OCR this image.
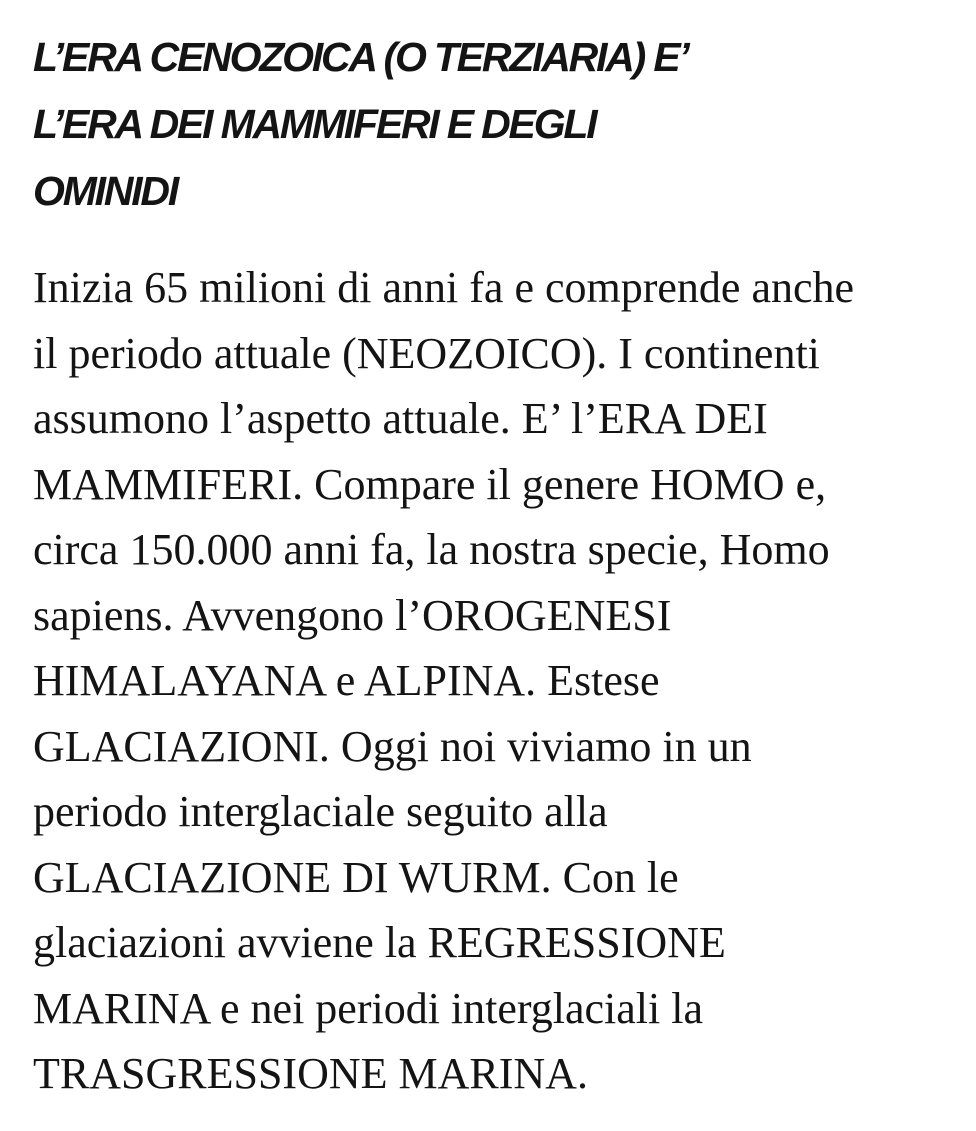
L’ERA CENOZOICA (O TERZIARIA) E’
L’ERA DEI MAMMIFERI E DEGLI
OMINIDI

Inizia 65 milioni di anni fa e comprende anche
il periodo attuale (NEOZOICO). I continenti
assumono l’aspetto attuale. E’ l’ERA DEI
MAMMIFERI. Compare il genere HOMO e,
circa 150.000 anni fa, la nostra specie, Homo
sapiens. Avvengono l’OROGENESI
HIMALAYANA e ALPINA. Estese
GLACIAZIONI. Oggi noi viviamo in un
periodo interglaciale seguito alla
GLACIAZIONE DI WURM. Con le
glaciazioni avviene la REGRESSIONE
MARINA e nei periodi interglaciali la
TRASGRESSIONE MARINA.
